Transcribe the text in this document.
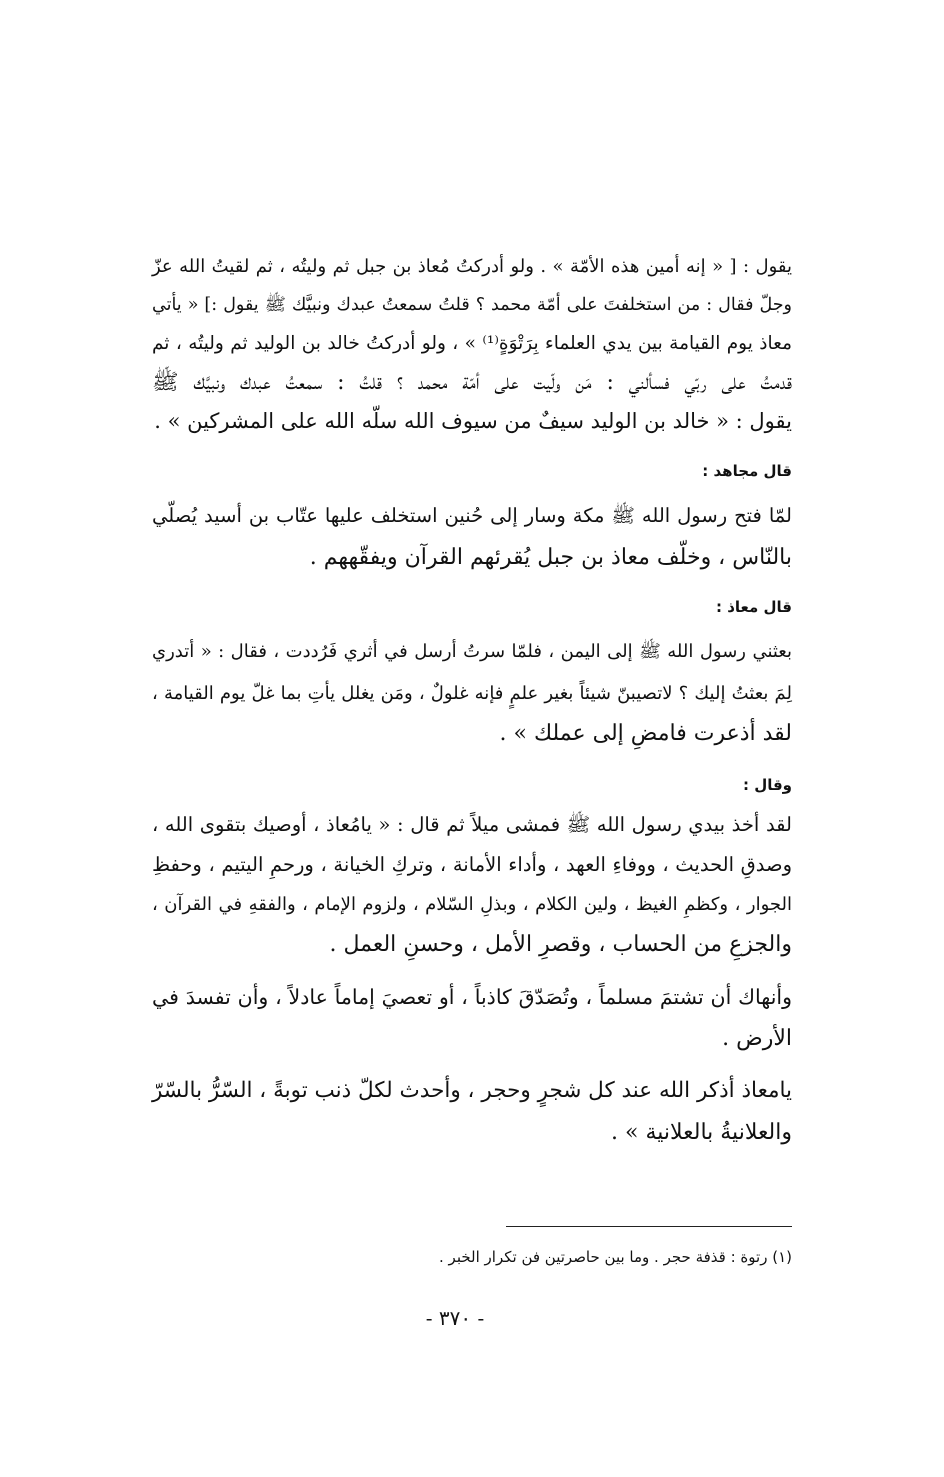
يقول : [ « إنه أمين هذه الأمّة » . ولو أدركتُ مُعاذ بن جبل ثم وليتُه ، ثم لقيتُ الله عزّ
وجلّ فقال : من استخلفتَ على أمّة محمد ؟ قلتُ سمعتُ عبدك ونبيَّك ﷺ يقول :] « يأتي
معاذ يوم القيامة بين يدي العلماء بِرَتْوَةٍ⁽¹⁾ » ، ولو أدركتُ خالد بن الوليد ثم وليتُه ، ثم
قدمتُ على ربّي فسألني : مَن ولّيت على أمّة محمد ؟ قلتُ : سمعتُ عبدك ونبيَّك ﷺ
يقول : « خالد بن الوليد سيفٌ من سيوف الله سلّه الله على المشركين » .
قال مجاهد :
لمّا فتح رسول الله ﷺ مكة وسار إلى حُنين استخلف عليها عتّاب بن أسيد يُصلّي
بالنّاس ، وخلّف معاذ بن جبل يُقرئهم القرآن ويفقّههم .
قال معاذ :
بعثني رسول الله ﷺ إلى اليمن ، فلمّا سرتُ أرسل في أثري فَرُددت ، فقال : « أتدري
لِمَ بعثتُ إليك ؟ لاتصيبنّ شيئاً بغير علمٍ فإنه غلولٌ ، ومَن يغلل يأتِ بما غلّ يوم القيامة ،
لقد أذعرت فامضِ إلى عملك » .
وقال :
لقد أخذ بيدي رسول الله ﷺ فمشى ميلاً ثم قال : « يامُعاذ ، أوصيك بتقوى الله ،
وصدقِ الحديث ، ووفاءِ العهد ، وأداء الأمانة ، وتركِ الخيانة ، ورحمِ اليتيم ، وحفظِ
الجوار ، وكظمِ الغيظ ، ولين الكلام ، وبذلِ السّلام ، ولزوم الإمام ، والفقهِ في القرآن ،
والجزعِ من الحساب ، وقصرِ الأمل ، وحسنِ العمل .
وأنهاك أن تشتمَ مسلماً ، وتُصَدّقَ كاذباً ، أو تعصيَ إماماً عادلاً ، وأن تفسدَ في
الأرض .
يامعاذ أذكر الله عند كل شجرٍ وحجر ، وأحدث لكلّ ذنب توبةً ، السّرُّ بالسّرّ
والعلانيةُ بالعلانية » .
(١) رتوة : قذفة حجر . وما بين حاصرتين فن تكرار الخبر .
- ٣٧٠ -
